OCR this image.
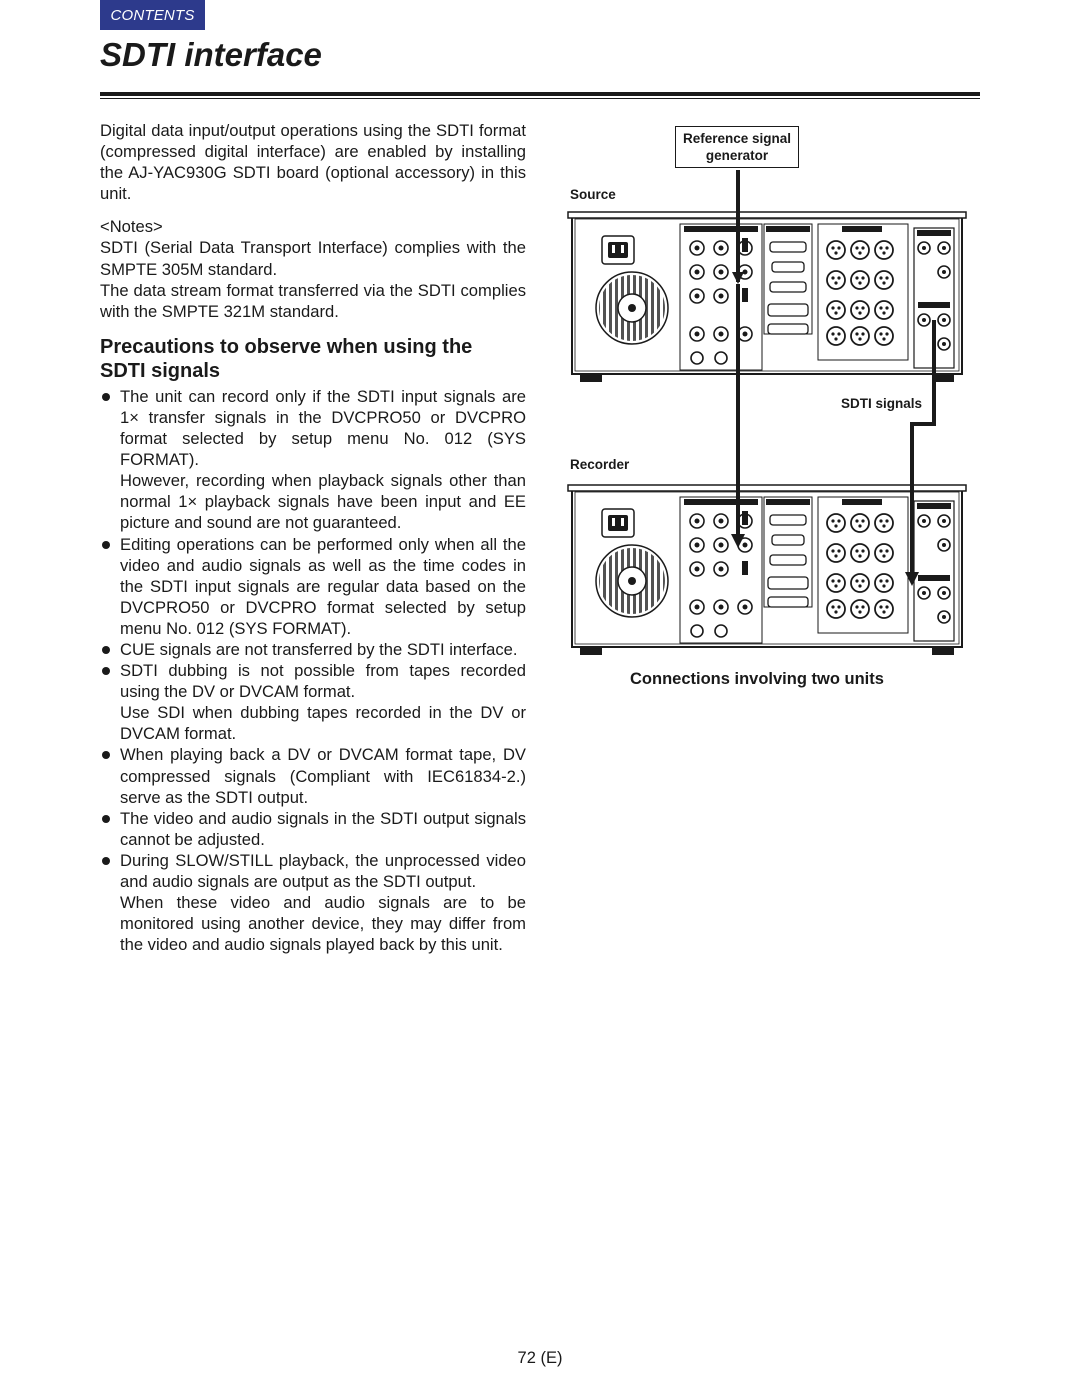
CONTENTS
SDTI interface

Digital data input/output operations using the SDTI format (compressed digital interface) are enabled by installing the AJ-YAC930G SDTI board (optional accessory) in this unit.

<Notes>

SDTI (Serial Data Transport Interface) complies with the SMPTE 305M standard.

The data stream format transferred via the SDTI complies with the SMPTE 321M standard.

Precautions to observe when using the
SDTI signals

The unit can record only if the SDTI input signals are 1× transfer signals in the DVCPRO50 or DVCPRO format selected by setup menu No. 012 (SYS FORMAT).

However, recording when playback signals other than normal 1× playback signals have been input and EE picture and sound are not guaranteed.

Editing operations can be performed only when all the video and audio signals as well as the time codes in the SDTI input signals are regular data based on the DVCPRO50 or DVCPRO format selected by setup menu No. 012 (SYS FORMAT).

CUE signals are not transferred by the SDTI interface.

SDTI dubbing is not possible from tapes recorded using the DV or DVCAM format.

Use SDI when dubbing tapes recorded in the DV or DVCAM format.

When playing back a DV or DVCAM format tape, DV compressed signals (Compliant with IEC61834-2.) serve as the SDTI output.

The video and audio signals in the SDTI output signals cannot be adjusted.

During SLOW/STILL playback, the unprocessed video and audio signals are output as the SDTI output.

When these video and audio signals are to be monitored using another device, they may differ from the video and audio signals played back by this unit.

Reference signal
generator
Source
SDTI signals
Recorder
Connections involving two units
72 (E)
